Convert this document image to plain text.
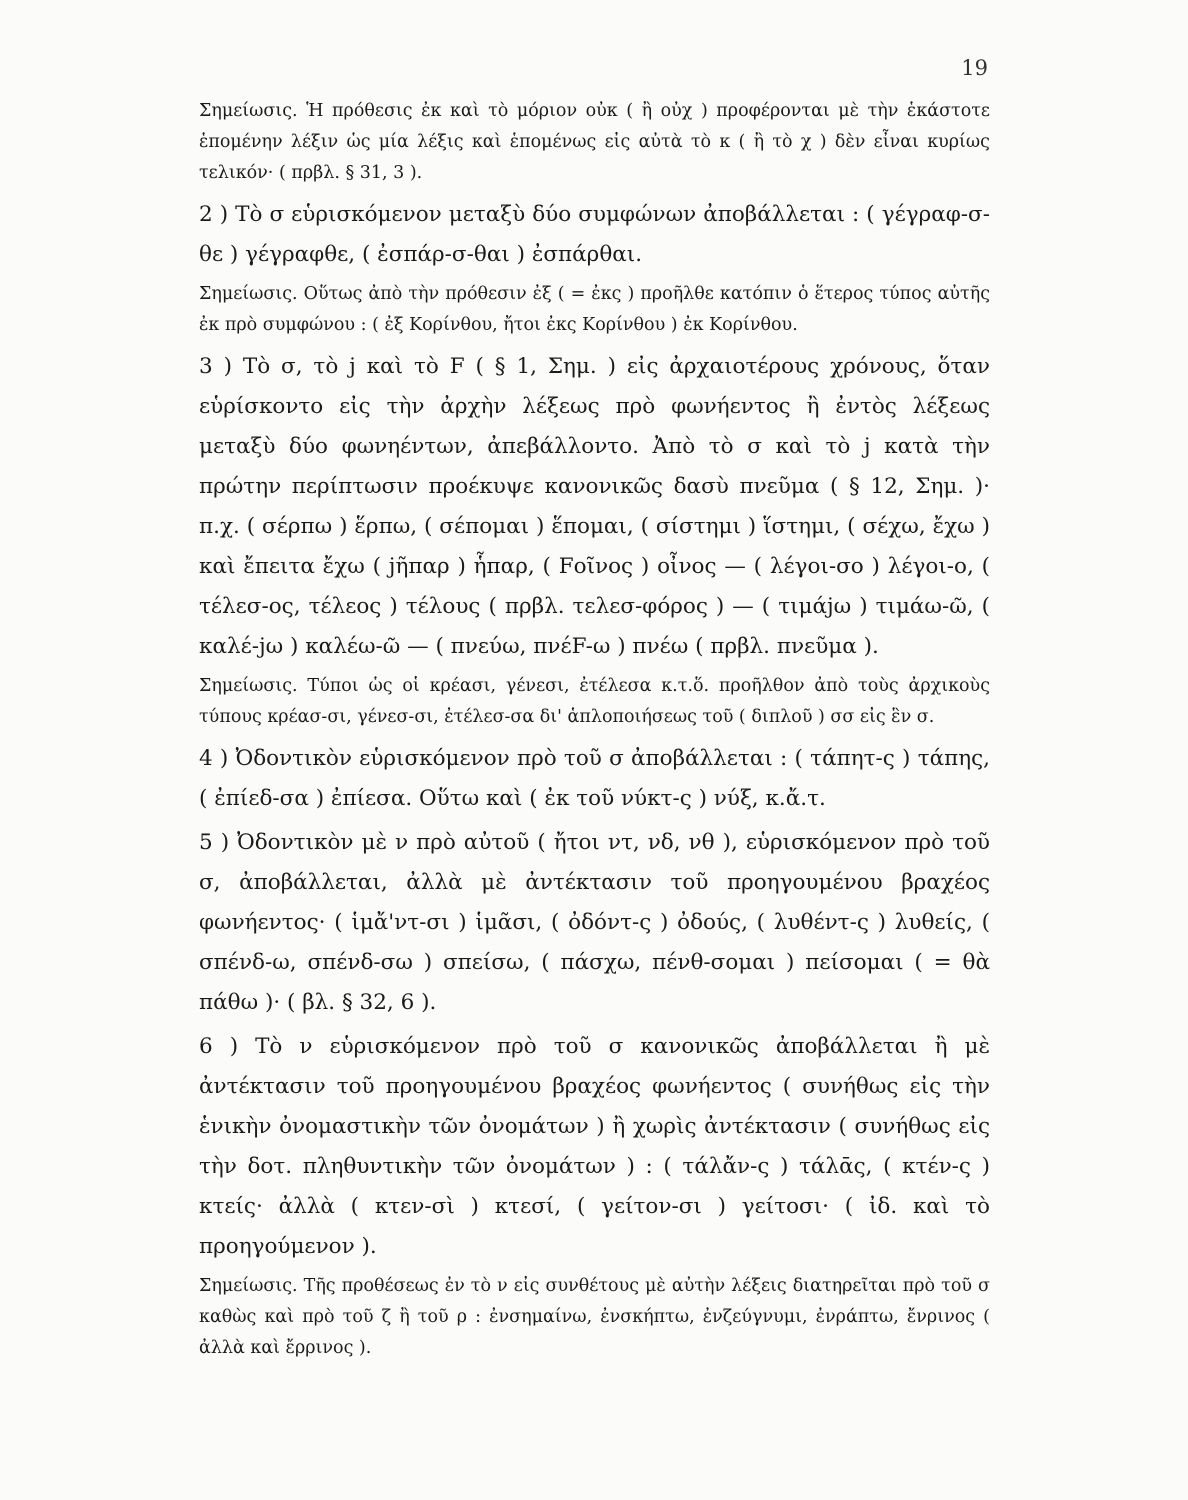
19

Σημείωσις. Ἡ πρόθεσις ἐκ καὶ τὸ μόριον οὐκ ( ἢ οὐχ ) προφέρονται μὲ τὴν ἑκάστοτε ἑπομένην λέξιν ὡς μία λέξις καὶ ἑπομένως εἰς αὐτὰ τὸ κ ( ἢ τὸ χ ) δὲν εἶναι κυρίως τελικόν· ( πρβλ. § 31, 3 ).

2 ) Τὸ σ εὑρισκόμενον μεταξὺ δύο συμφώνων ἀποβάλλεται : ( γέγραφ-σ-θε ) γέγραφθε, ( ἐσπάρ-σ-θαι ) ἐσπάρθαι.

Σημείωσις. Οὕτως ἀπὸ τὴν πρόθεσιν ἐξ ( = ἐκς ) προῆλθε κατόπιν ὁ ἕτερος τύπος αὐτῆς ἐκ πρὸ συμφώνου : ( ἐξ Κορίνθου, ἤτοι ἐκς Κορίνθου ) ἐκ Κορίνθου.

3 ) Τὸ σ, τὸ j καὶ τὸ F ( § 1, Σημ. ) εἰς ἀρχαιοτέρους χρόνους, ὅταν εὑρίσκοντο εἰς τὴν ἀρχὴν λέξεως πρὸ φωνήεντος ἢ ἐντὸς λέξεως μεταξὺ δύο φωνηέντων, ἀπεβάλλοντο. Ἀπὸ τὸ σ καὶ τὸ j κατὰ τὴν πρώτην περίπτωσιν προέκυψε κανονικῶς δασὺ πνεῦμα ( § 12, Σημ. )· π.χ. ( σέρπω ) ἕρπω, ( σέπομαι ) ἕπομαι, ( σίστημι ) ἵστημι, ( σέχω, ἔχω ) καὶ ἔπειτα ἔχω ( jῆπαρ ) ἧπαρ, ( Fοῖνος ) οἶνος — ( λέγοι-σο ) λέγοι-ο, ( τέλεσ-ος, τέλεος ) τέλους ( πρβλ. τελεσ-φόρος ) — ( τιμάjω ) τιμάω-ῶ, ( καλέ-jω ) καλέω-ῶ — ( πνεύω, πνέF-ω ) πνέω ( πρβλ. πνεῦμα ).

Σημείωσις. Τύποι ὡς οἱ κρέασι, γένεσι, ἐτέλεσα κ.τ.ὅ. προῆλθον ἀπὸ τοὺς ἀρχικοὺς τύπους κρέασ-σι, γένεσ-σι, ἐτέλεσ-σα δι' ἁπλοποιήσεως τοῦ ( διπλοῦ ) σσ εἰς ἓν σ.

4 ) Ὀδοντικὸν εὑρισκόμενον πρὸ τοῦ σ ἀποβάλλεται : ( τάπητ-ς ) τάπης, ( ἐπίεδ-σα ) ἐπίεσα. Οὕτω καὶ ( ἐκ τοῦ νύκτ-ς ) νύξ, κ.ἄ.τ.

5 ) Ὀδοντικὸν μὲ ν πρὸ αὐτοῦ ( ἤτοι ντ, νδ, νθ ), εὑρισκόμενον πρὸ τοῦ σ, ἀποβάλλεται, ἀλλὰ μὲ ἀντέκτασιν τοῦ προηγουμένου βραχέος φωνήεντος· ( ἱμἄ'ντ-σι ) ἱμᾶσι, ( ὀδόντ-ς ) ὀδούς, ( λυθέντ-ς ) λυθείς, ( σπένδ-ω, σπένδ-σω ) σπείσω, ( πάσχω, πένθ-σομαι ) πείσομαι ( = θὰ πάθω )· ( βλ. § 32, 6 ).

6 ) Τὸ ν εὑρισκόμενον πρὸ τοῦ σ κανονικῶς ἀποβάλλεται ἢ μὲ ἀντέκτασιν τοῦ προηγουμένου βραχέος φωνήεντος ( συνήθως εἰς τὴν ἑνικὴν ὀνομαστικὴν τῶν ὀνομάτων ) ἢ χωρὶς ἀντέκτασιν ( συνήθως εἰς τὴν δοτ. πληθυντικὴν τῶν ὀνομάτων ) : ( τάλἄν-ς ) τάλᾱς, ( κτέν-ς ) κτείς· ἀλλὰ ( κτεν-σὶ ) κτεσί, ( γείτον-σι ) γείτοσι· ( ἰδ. καὶ τὸ προηγούμενον ).

Σημείωσις. Τῆς προθέσεως ἐν τὸ ν εἰς συνθέτους μὲ αὐτὴν λέξεις διατηρεῖται πρὸ τοῦ σ καθὼς καὶ πρὸ τοῦ ζ ἢ τοῦ ρ : ἐνσημαίνω, ἐνσκήπτω, ἐνζεύγνυμι, ἐνράπτω, ἔνρινος ( ἀλλὰ καὶ ἔρρινος ).
